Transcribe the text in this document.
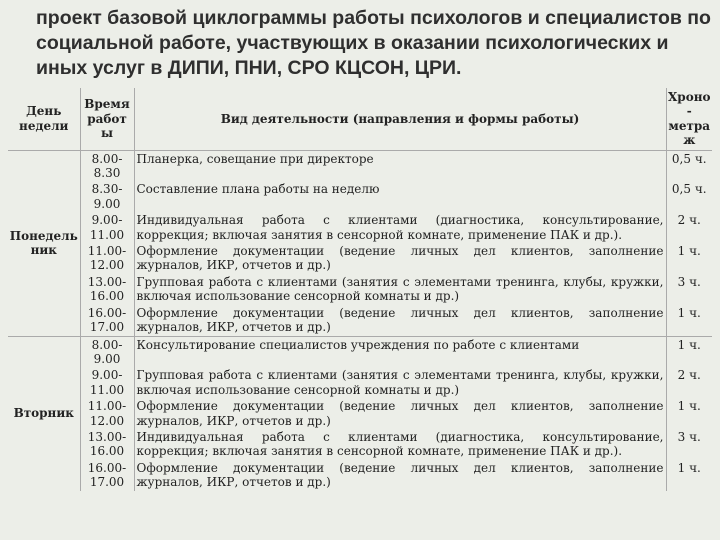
проект базовой циклограммы работы психологов и специалистов по
социальной работе, участвующих в оказании психологических и
иных услуг в ДИПИ, ПНИ, СРО КЦСОН, ЦРИ.
День недели	Время работ ы	Вид деятельности (направления и формы работы)	Хроно - метра ж
Понедель ник	8.00- 8.30	Планерка, совещание при директоре	0,5 ч.
	8.30- 9.00	Составление плана работы на неделю	0,5 ч.
	9.00- 11.00	Индивидуальная работа с клиентами (диагностика, консультирование, коррекция; включая занятия в сенсорной комнате, применение ПАК и др.).	2 ч.
	11.00- 12.00	Оформление документации (ведение личных дел клиентов, заполнение журналов, ИКР, отчетов и др.)	1 ч.
	13.00- 16.00	Групповая работа с клиентами (занятия с элементами тренинга, клубы, кружки, включая использование сенсорной комнаты и др.)	3 ч.
	16.00- 17.00	Оформление документации (ведение личных дел клиентов, заполнение журналов, ИКР, отчетов и др.)	1 ч.
Вторник	8.00- 9.00	Консультирование специалистов учреждения по работе с клиентами	1 ч.
	9.00- 11.00	Групповая работа с клиентами (занятия с элементами тренинга, клубы, кружки, включая использование сенсорной комнаты и др.)	2 ч.
	11.00- 12.00	Оформление документации (ведение личных дел клиентов, заполнение журналов, ИКР, отчетов и др.)	1 ч.
	13.00- 16.00	Индивидуальная работа с клиентами (диагностика, консультирование, коррекция; включая занятия в сенсорной комнате, применение ПАК и др.).	3 ч.
	16.00- 17.00	Оформление документации (ведение личных дел клиентов, заполнение журналов, ИКР, отчетов и др.)	1 ч.
